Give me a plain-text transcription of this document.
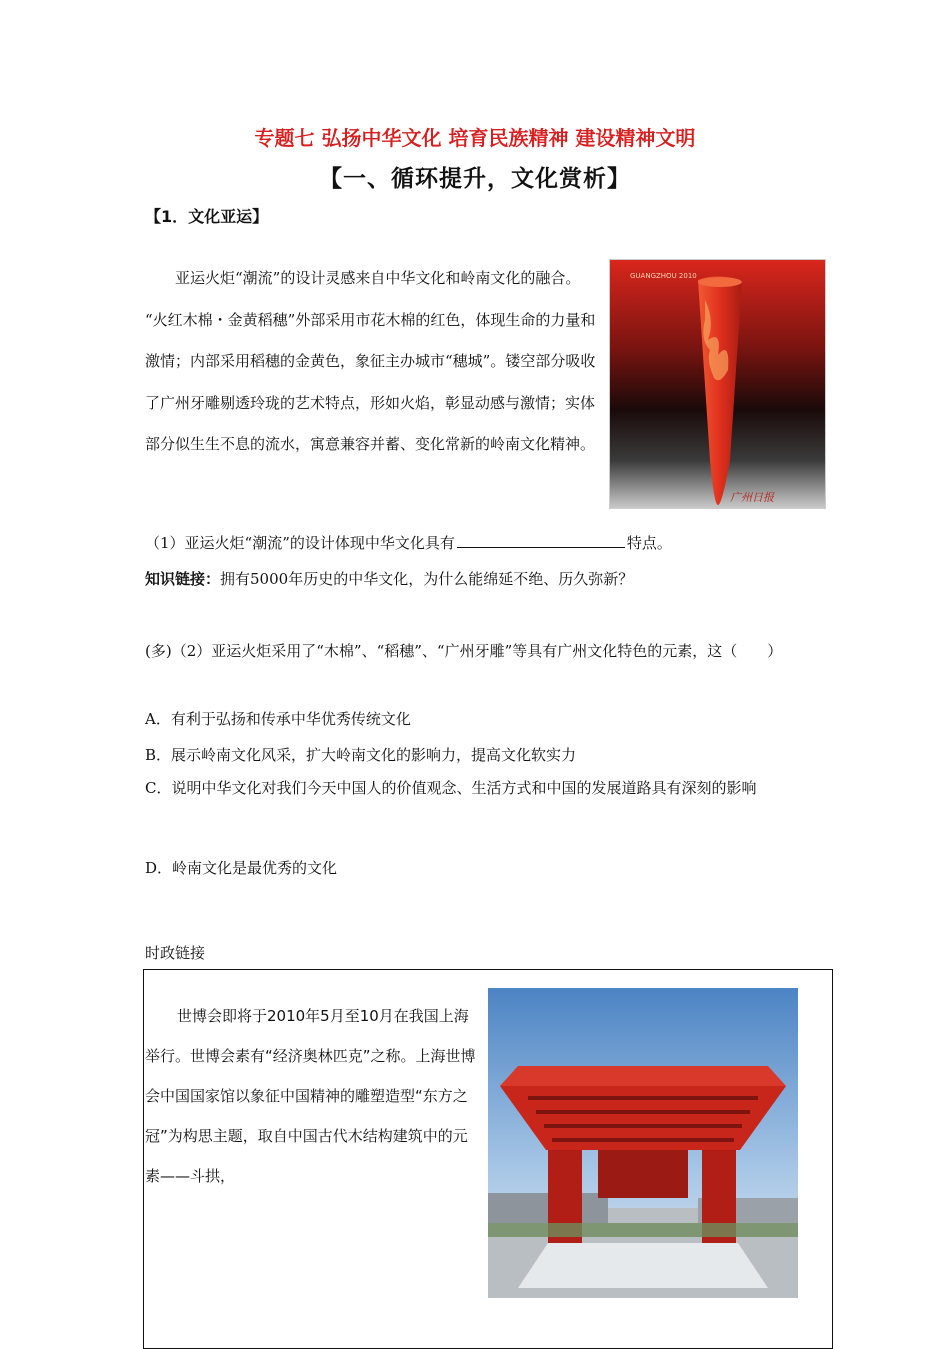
专题七 弘扬中华文化 培育民族精神 建设精神文明
【一、循环提升，文化赏析】
【1．文化亚运】
亚运火炬“潮流”的设计灵感来自中华文化和岭南文化的融合。 “火红木棉・金黄稻穗”外部采用市花木棉的红色，体现生命的力量和激情；内部采用稻穗的金黄色，象征主办城市“穗城”。镂空部分吸收了广州牙雕剔透玲珑的艺术特点，形如火焰，彰显动感与激情；实体部分似生生不息的流水，寓意兼容并蓄、变化常新的岭南文化精神。
GUANGZHOU 2010
广州日报
（1）亚运火炬“潮流”的设计体现中华文化具有	特点。
知识链接：拥有5000年历史的中华文化，为什么能绵延不绝、历久弥新？
(多)（2）亚运火炬采用了“木棉”、“稻穗”、“广州牙雕”等具有广州文化特色的元素，这（　　）
A．有利于弘扬和传承中华优秀传统文化
B．展示岭南文化风采，扩大岭南文化的影响力，提高文化软实力
C．说明中华文化对我们今天中国人的价值观念、生活方式和中国的发展道路具有深刻的影响
D．岭南文化是最优秀的文化
时政链接
世博会即将于2010年5月至10月在我国上海举行。世博会素有“经济奥林匹克”之称。上海世博会中国国家馆以象征中国精神的雕塑造型“东方之冠”为构思主题，取自中国古代木结构建筑中的元素——斗拱，
